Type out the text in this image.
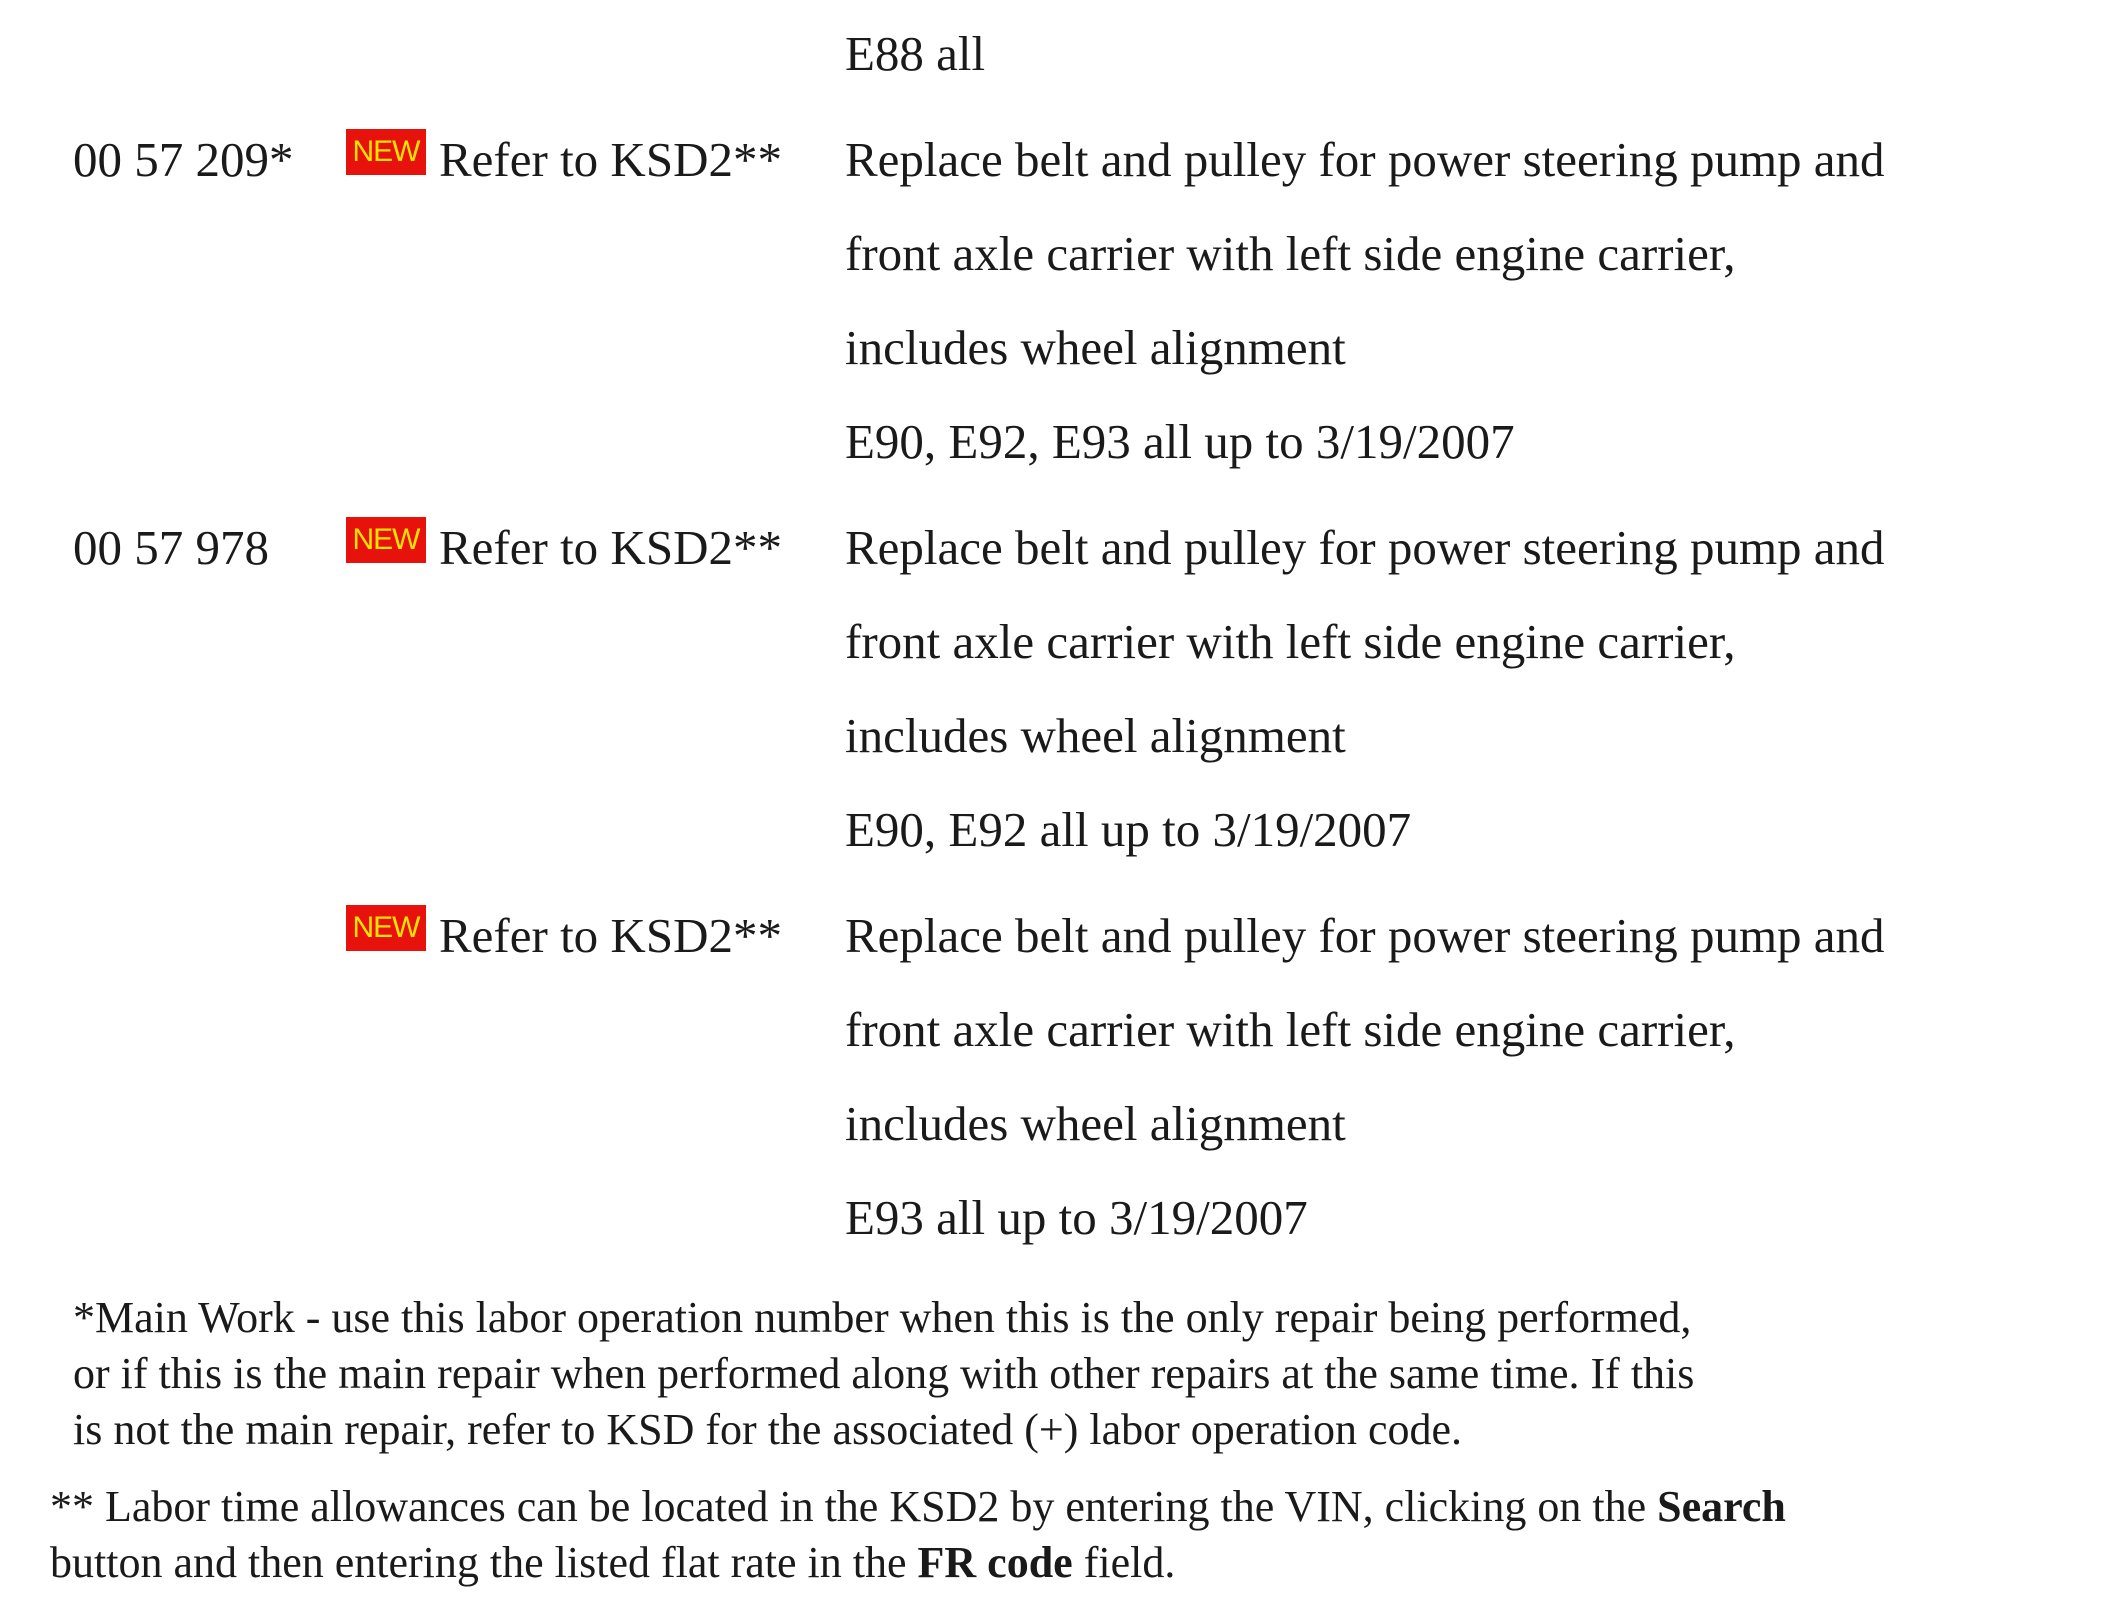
E88 all
00 57 209* NEW Refer to KSD2** Replace belt and pulley for power steering pump and
front axle carrier with left side engine carrier,
includes wheel alignment
E90, E92, E93 all up to 3/19/2007
00 57 978	NEW Refer to KSD2** Replace belt and pulley for power steering pump and
front axle carrier with left side engine carrier,
includes wheel alignment
E90, E92 all up to 3/19/2007
NEW Refer to KSD2** Replace belt and pulley for power steering pump and
front axle carrier with left side engine carrier,
includes wheel alignment
E93 all up to 3/19/2007
*Main Work - use this labor operation number when this is the only repair being performed,
or if this is the main repair when performed along with other repairs at the same time. If this
is not the main repair, refer to KSD for the associated (+) labor operation code.
** Labor time allowances can be located in the KSD2 by entering the VIN, clicking on the Search
button and then entering the listed flat rate in the FR code field.
